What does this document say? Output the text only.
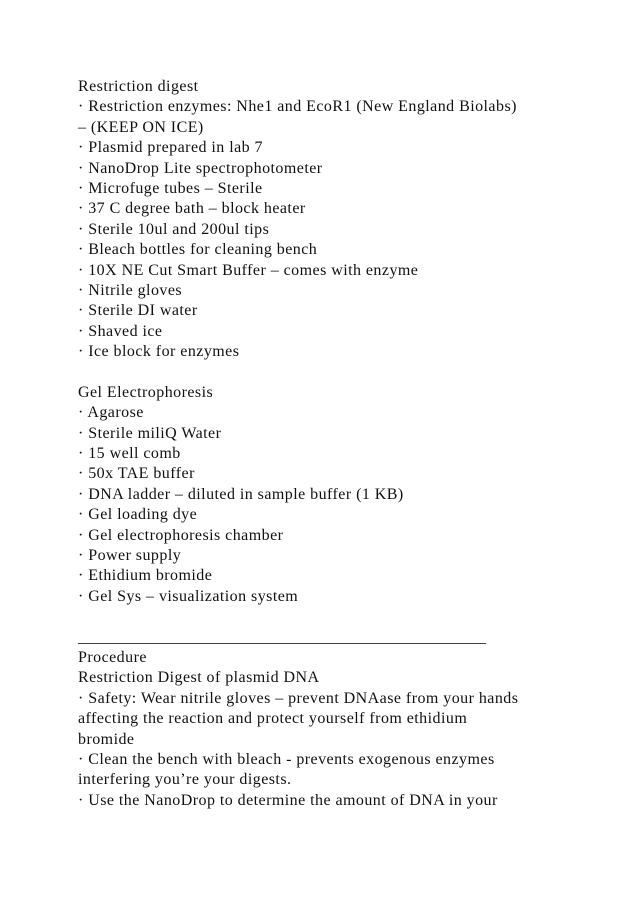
Restriction digest
· Restriction enzymes: Nhe1 and EcoR1 (New England Biolabs)
– (KEEP ON ICE)
· Plasmid prepared in lab 7
· NanoDrop Lite spectrophotometer
· Microfuge tubes – Sterile
· 37 C degree bath – block heater
· Sterile 10ul and 200ul tips
· Bleach bottles for cleaning bench
· 10X NE Cut Smart Buffer – comes with enzyme
· Nitrile gloves
· Sterile DI water
· Shaved ice
· Ice block for enzymes
Gel Electrophoresis
· Agarose
· Sterile miliQ Water
· 15 well comb
· 50x TAE buffer
· DNA ladder – diluted in sample buffer (1 KB)
· Gel loading dye
· Gel electrophoresis chamber
· Power supply
· Ethidium bromide
· Gel Sys – visualization system
___________________________________________________
Procedure
Restriction Digest of plasmid DNA
· Safety: Wear nitrile gloves – prevent DNAase from your hands
affecting the reaction and protect yourself from ethidium
bromide
· Clean the bench with bleach - prevents exogenous enzymes
interfering you’re your digests.
· Use the NanoDrop to determine the amount of DNA in your
